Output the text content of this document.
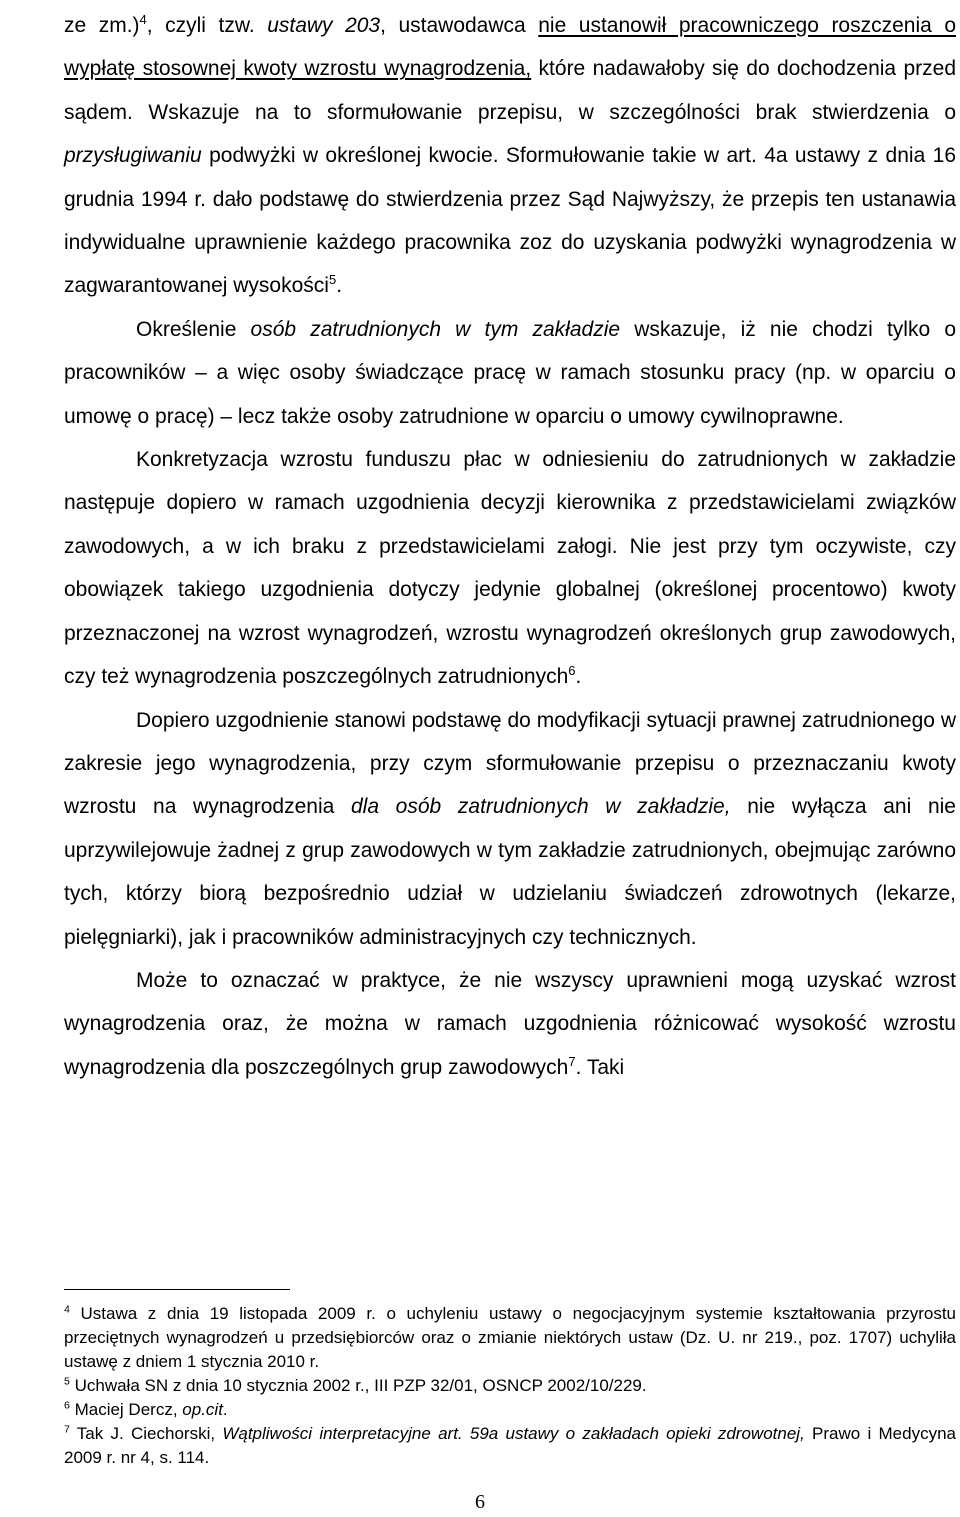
ze zm.)$^4$, czyli tzw. ustawy 203, ustawodawca nie ustanowił pracowniczego roszczenia o wypłatę stosownej kwoty wzrostu wynagrodzenia, które nadawałoby się do dochodzenia przed sądem. Wskazuje na to sformułowanie przepisu, w szczególności brak stwierdzenia o przysługiwaniu podwyżki w określonej kwocie. Sformułowanie takie w art. 4a ustawy z dnia 16 grudnia 1994 r. dało podstawę do stwierdzenia przez Sąd Najwyższy, że przepis ten ustanawia indywidualne uprawnienie każdego pracownika zoz do uzyskania podwyżki wynagrodzenia w zagwarantowanej wysokości$^5$.

Określenie osób zatrudnionych w tym zakładzie wskazuje, iż nie chodzi tylko o pracowników – a więc osoby świadczące pracę w ramach stosunku pracy (np. w oparciu o umowę o pracę) – lecz także osoby zatrudnione w oparciu o umowy cywilnoprawne.

Konkretyzacja wzrostu funduszu płac w odniesieniu do zatrudnionych w zakładzie następuje dopiero w ramach uzgodnienia decyzji kierownika z przedstawicielami związków zawodowych, a w ich braku z przedstawicielami załogi. Nie jest przy tym oczywiste, czy obowiązek takiego uzgodnienia dotyczy jedynie globalnej (określonej procentowo) kwoty przeznaczonej na wzrost wynagrodzeń, wzrostu wynagrodzeń określonych grup zawodowych, czy też wynagrodzenia poszczególnych zatrudnionych$^6$.

Dopiero uzgodnienie stanowi podstawę do modyfikacji sytuacji prawnej zatrudnionego w zakresie jego wynagrodzenia, przy czym sformułowanie przepisu o przeznaczaniu kwoty wzrostu na wynagrodzenia dla osób zatrudnionych w zakładzie, nie wyłącza ani nie uprzywilejowuje żadnej z grup zawodowych w tym zakładzie zatrudnionych, obejmując zarówno tych, którzy biorą bezpośrednio udział w udzielaniu świadczeń zdrowotnych (lekarze, pielęgniarki), jak i pracowników administracyjnych czy technicznych.

Może to oznaczać w praktyce, że nie wszyscy uprawnieni mogą uzyskać wzrost wynagrodzenia oraz, że można w ramach uzgodnienia różnicować wysokość wzrostu wynagrodzenia dla poszczególnych grup zawodowych$^7$. Taki

$^4$ Ustawa z dnia 19 listopada 2009 r. o uchyleniu ustawy o negocjacyjnym systemie kształtowania przyrostu przeciętnych wynagrodzeń u przedsiębiorców oraz o zmianie niektórych ustaw (Dz. U. nr 219., poz. 1707) uchyliła ustawę z dniem 1 stycznia 2010 r.

$^5$ Uchwała SN z dnia 10 stycznia 2002 r., III PZP 32/01, OSNCP 2002/10/229.

$^6$ Maciej Dercz, op.cit.

$^7$ Tak J. Ciechorski, Wątpliwości interpretacyjne art. 59a ustawy o zakładach opieki zdrowotnej, Prawo i Medycyna 2009 r. nr 4, s. 114.

6
